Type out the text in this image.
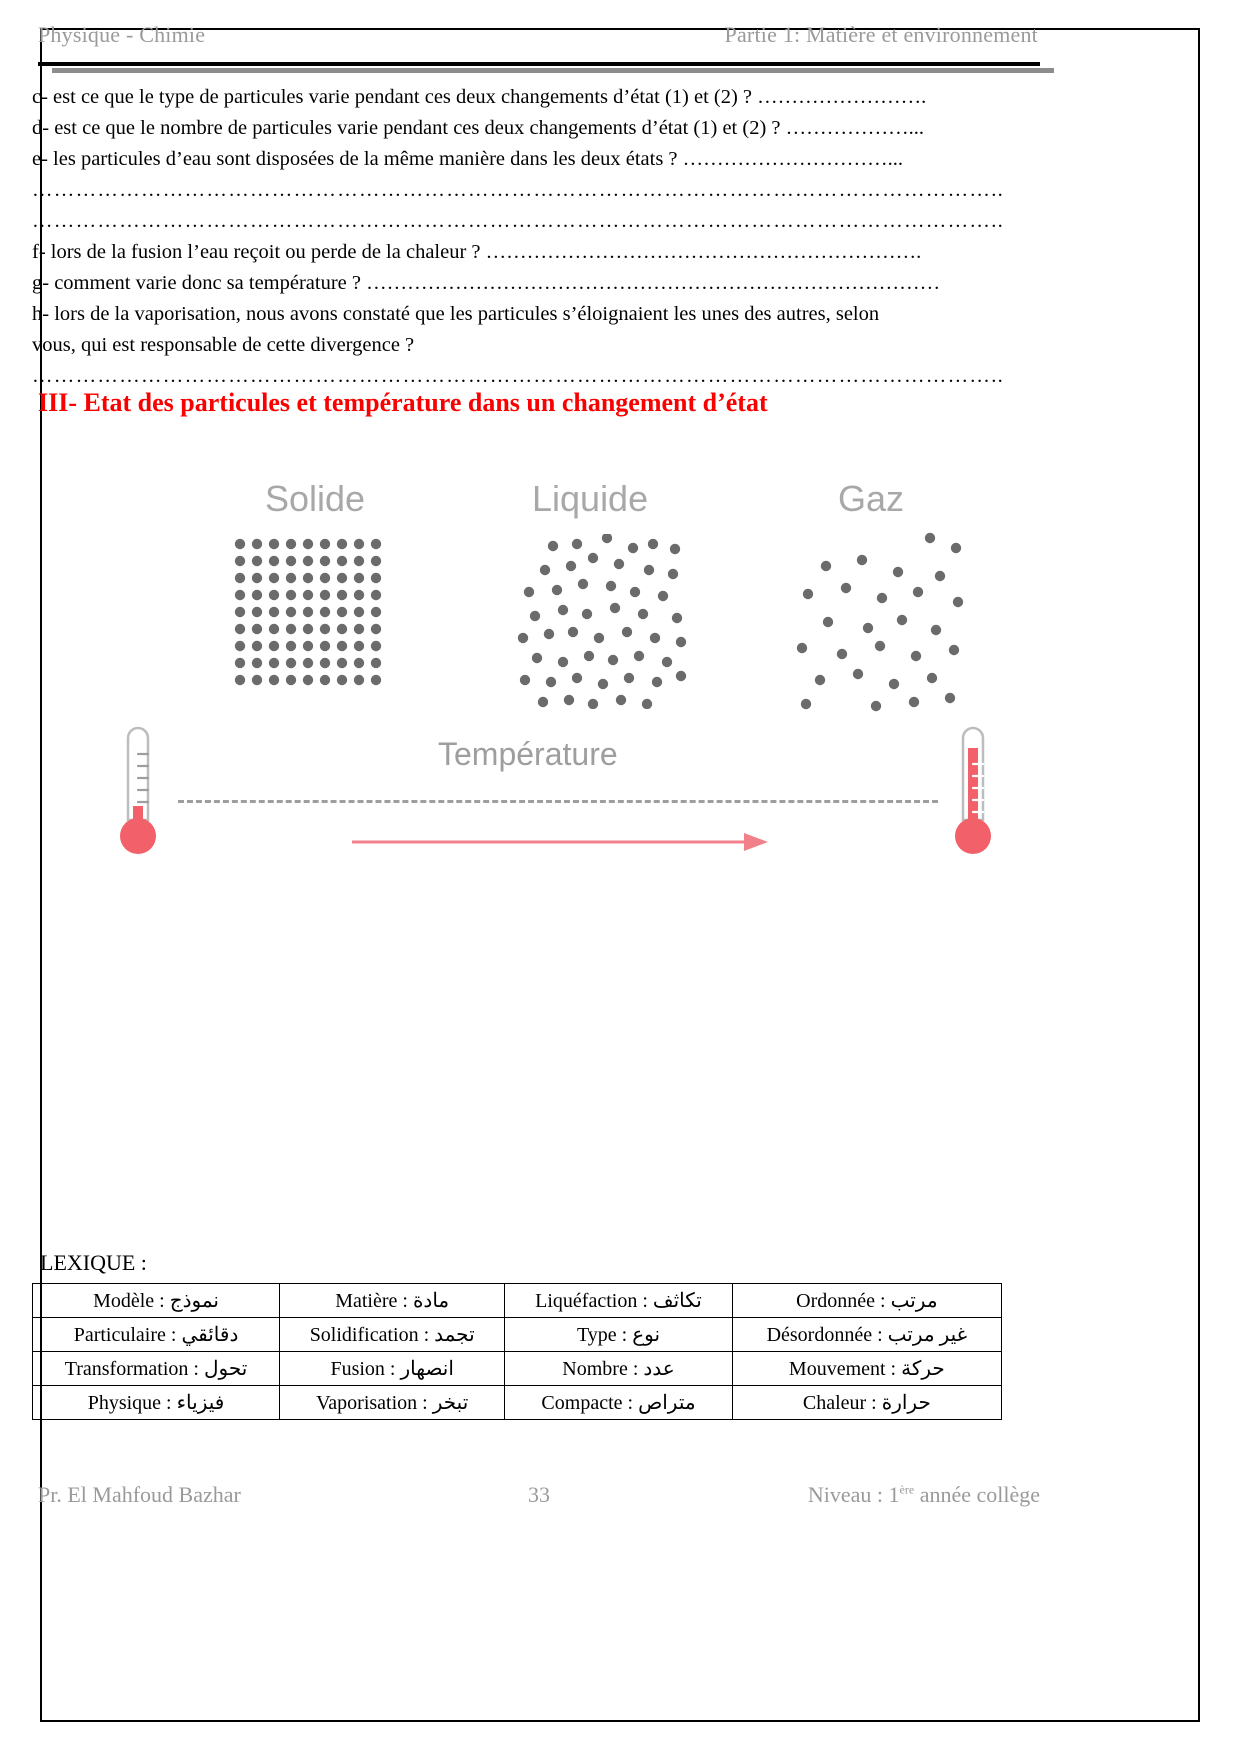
Physique - Chimie	Partie 1: Matière et environnement
c- est ce que le type de particules varie pendant ces deux changements d’état (1) et (2) ? …………………….
d- est ce que le nombre de particules varie pendant ces deux changements d’état (1) et (2) ? ………………...
e- les particules d’eau sont disposées de la même manière dans les deux états ? …………………………...
……………………………………………………………………………………………………………………..
……………………………………………………………………………………………………………………..
f- lors de la fusion l’eau reçoit ou perde de la chaleur ? ……………………………………………………….
g- comment varie donc sa température ? …………………………………………………………………………
h- lors de la vaporisation, nous avons constaté que les particules s’éloignaient les unes des autres, selon
vous, qui est responsable de cette divergence ?
……………………………………………………………………………………………………………………..
III- Etat des particules et température dans un changement d’état
Solide	Liquide	Gaz
Température
LEXIQUE :
Modèle : نموذج	Matière : مادة	Liquéfaction : تكاثف	Ordonnée : مرتب
Particulaire : دقائقي	Solidification : تجمد	Type : نوع	Désordonnée : غير مرتب
Transformation : تحول	Fusion : انصهار	Nombre : عدد	Mouvement : حركة
Physique : فيزياء	Vaporisation : تبخر	Compacte : متراص	Chaleur : حرارة
Pr. El Mahfoud Bazhar	33	Niveau : 1ère année collège
